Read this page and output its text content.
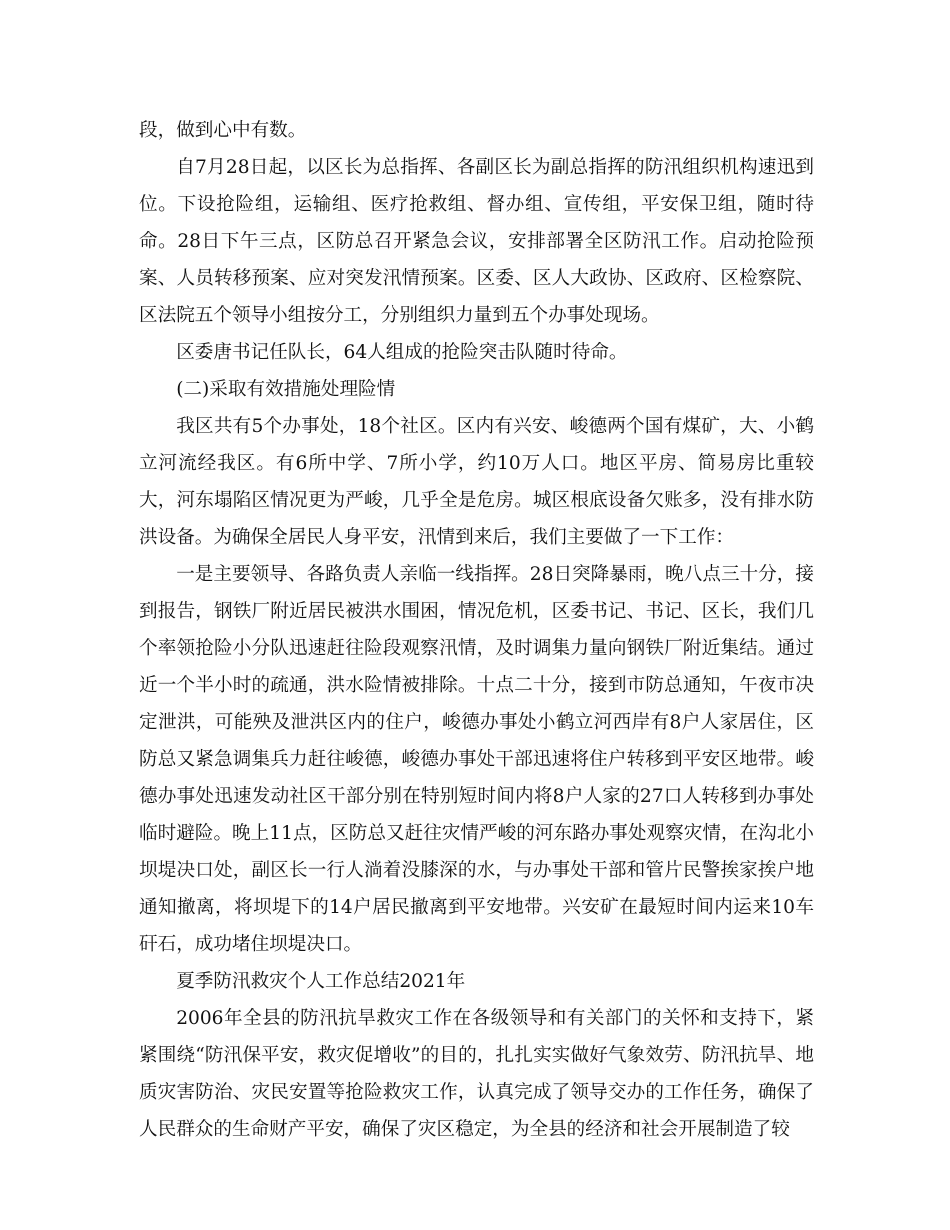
段，做到心中有数。

自7月28日起，以区长为总指挥、各副区长为副总指挥的防汛组织机构速迅到位。下设抢险组，运输组、医疗抢救组、督办组、宣传组，平安保卫组，随时待命。28日下午三点，区防总召开紧急会议，安排部署全区防汛工作。启动抢险预案、人员转移预案、应对突发汛情预案。区委、区人大政协、区政府、区检察院、区法院五个领导小组按分工，分别组织力量到五个办事处现场。

区委唐书记任队长，64人组成的抢险突击队随时待命。

(二)采取有效措施处理险情

我区共有5个办事处，18个社区。区内有兴安、峻德两个国有煤矿，大、小鹤立河流经我区。有6所中学、7所小学，约10万人口。地区平房、简易房比重较大，河东塌陷区情况更为严峻，几乎全是危房。城区根底设备欠账多，没有排水防洪设备。为确保全居民人身平安，汛情到来后，我们主要做了一下工作：

一是主要领导、各路负责人亲临一线指挥。28日突降暴雨，晚八点三十分，接到报告，钢铁厂附近居民被洪水围困，情况危机，区委书记、书记、区长，我们几个率领抢险小分队迅速赶往险段观察汛情，及时调集力量向钢铁厂附近集结。通过近一个半小时的疏通，洪水险情被排除。十点二十分，接到市防总通知，午夜市决定泄洪，可能殃及泄洪区内的住户，峻德办事处小鹤立河西岸有8户人家居住，区防总又紧急调集兵力赶往峻德，峻德办事处干部迅速将住户转移到平安区地带。峻德办事处迅速发动社区干部分别在特别短时间内将8户人家的27口人转移到办事处临时避险。晚上11点，区防总又赶往灾情严峻的河东路办事处观察灾情，在沟北小坝堤决口处，副区长一行人淌着没膝深的水，与办事处干部和管片民警挨家挨户地通知撤离，将坝堤下的14户居民撤离到平安地带。兴安矿在最短时间内运来10车矸石，成功堵住坝堤决口。

夏季防汛救灾个人工作总结2021年

2006年全县的防汛抗旱救灾工作在各级领导和有关部门的关怀和支持下，紧紧围绕“防汛保平安，救灾促增收”的目的，扎扎实实做好气象效劳、防汛抗旱、地质灾害防治、灾民安置等抢险救灾工作，认真完成了领导交办的工作任务，确保了人民群众的生命财产平安，确保了灾区稳定，为全县的经济和社会开展制造了较
